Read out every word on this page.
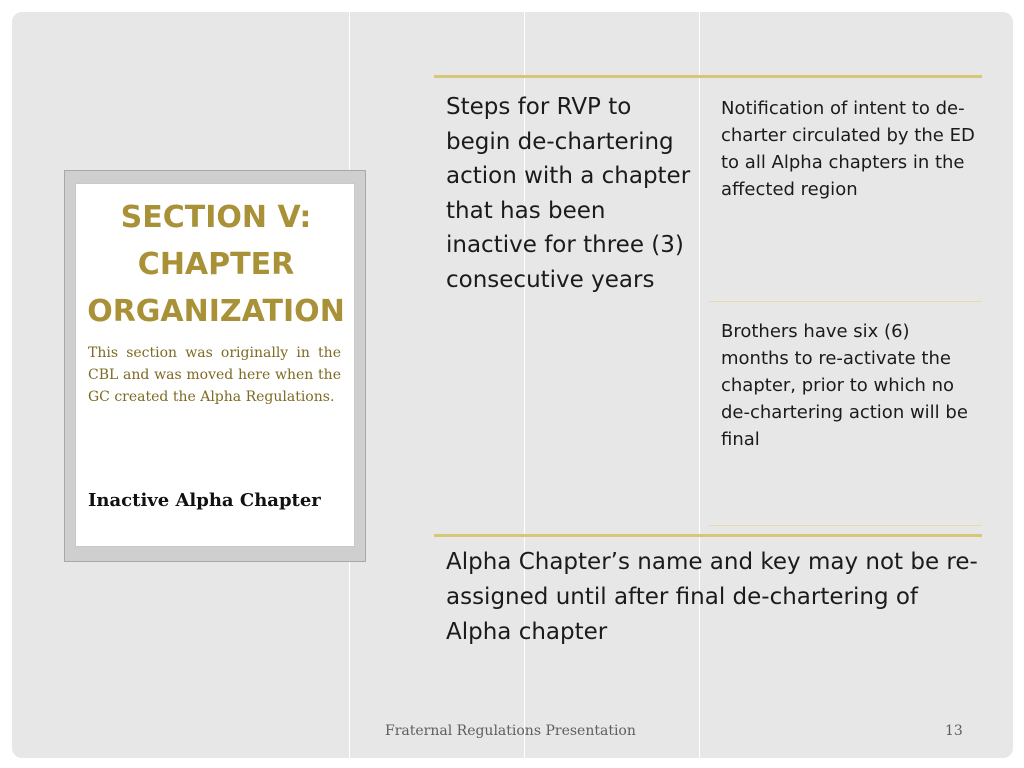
SECTION V:
CHAPTER
ORGANIZATION
This section was originally in the CBL and was moved here when the GC created the Alpha Regulations.
Inactive Alpha Chapter
Steps for RVP to begin de-chartering action with a chapter that has been inactive for three (3) consecutive years
Notification of intent to de-charter circulated by the ED to all Alpha chapters in the affected region
Brothers have six (6) months to re-activate the chapter, prior to which no de-chartering action will be final
Alpha Chapter’s name and key may not be re-assigned until after final de-chartering of Alpha chapter
Fraternal Regulations Presentation	13
